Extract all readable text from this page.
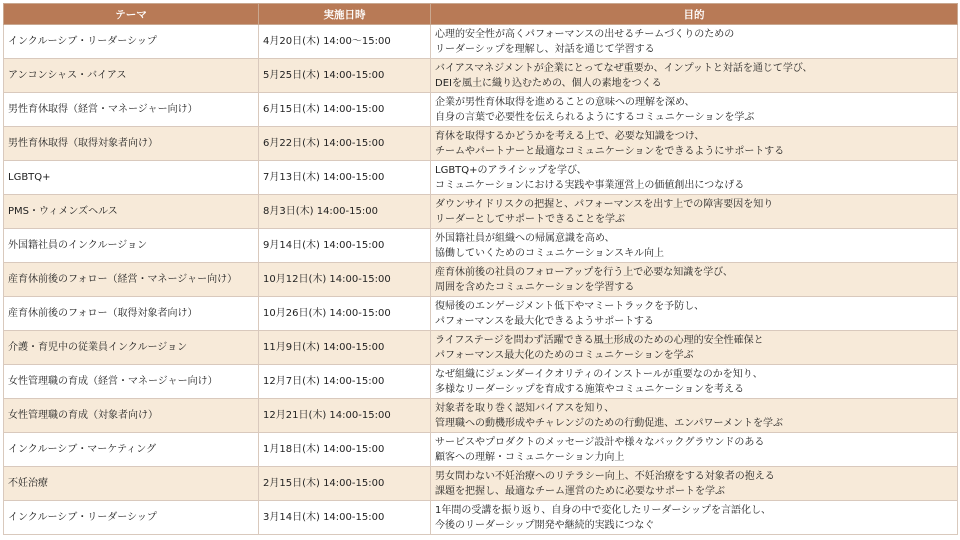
テーマ	実施日時	目的
インクルーシブ・リーダーシップ	4月20日(木) 14:00〜15:00	心理的安全性が高くパフォーマンスの出せるチームづくりのための
リーダーシップを理解し、対話を通じて学習する

アンコンシャス・バイアス	5月25日(木) 14:00-15:00	バイアスマネジメントが企業にとってなぜ重要か、インプットと対話を通じて学び、
DEIを風土に織り込むための、個人の素地をつくる

男性育休取得（経営・マネージャー向け）	6月15日(木) 14:00-15:00	企業が男性育休取得を進めることの意味への理解を深め、
自身の言葉で必要性を伝えられるようにするコミュニケーションを学ぶ

男性育休取得（取得対象者向け）	6月22日(木) 14:00-15:00	育休を取得するかどうかを考える上で、必要な知識をつけ、
チームやパートナーと最適なコミュニケーションをできるようにサポートする

LGBTQ+	7月13日(木) 14:00-15:00	LGBTQ+のアライシップを学び、
コミュニケーションにおける実践や事業運営上の価値創出につなげる

PMS・ウィメンズヘルス	8月3日(木) 14:00-15:00	ダウンサイドリスクの把握と、パフォーマンスを出す上での障害要因を知り
リーダーとしてサポートできることを学ぶ

外国籍社員のインクルージョン	9月14日(木) 14:00-15:00	外国籍社員が組織への帰属意識を高め、
協働していくためのコミュニケーションスキル向上

産育休前後のフォロー（経営・マネージャー向け）	10月12日(木) 14:00-15:00	産育休前後の社員のフォローアップを行う上で必要な知識を学び、
周囲を含めたコミュニケーションを学習する

産育休前後のフォロー（取得対象者向け）	10月26日(木) 14:00-15:00	復帰後のエンゲージメント低下やマミートラックを予防し、
パフォーマンスを最大化できるようサポートする

介護・育児中の従業員インクルージョン	11月9日(木) 14:00-15:00	ライフステージを問わず活躍できる風土形成のための心理的安全性確保と
パフォーマンス最大化のためのコミュニケーションを学ぶ

女性管理職の育成（経営・マネージャー向け）	12月7日(木) 14:00-15:00	なぜ組織にジェンダーイクオリティのインストールが重要なのかを知り、
多様なリーダーシップを育成する施策やコミュニケーションを考える

女性管理職の育成（対象者向け）	12月21日(木) 14:00-15:00	対象者を取り巻く認知バイアスを知り、
管理職への動機形成やチャレンジのための行動促進、エンパワーメントを学ぶ

インクルーシブ・マーケティング	1月18日(木) 14:00-15:00	サービスやプロダクトのメッセージ設計や様々なバックグラウンドのある
顧客への理解・コミュニケーション力向上

不妊治療	2月15日(木) 14:00-15:00	男女問わない不妊治療へのリテラシー向上、不妊治療をする対象者の抱える
課題を把握し、最適なチーム運営のために必要なサポートを学ぶ

インクルーシブ・リーダーシップ	3月14日(木) 14:00-15:00	1年間の受講を振り返り、自身の中で変化したリーダーシップを言語化し、
今後のリーダーシップ開発や継続的実践につなぐ
